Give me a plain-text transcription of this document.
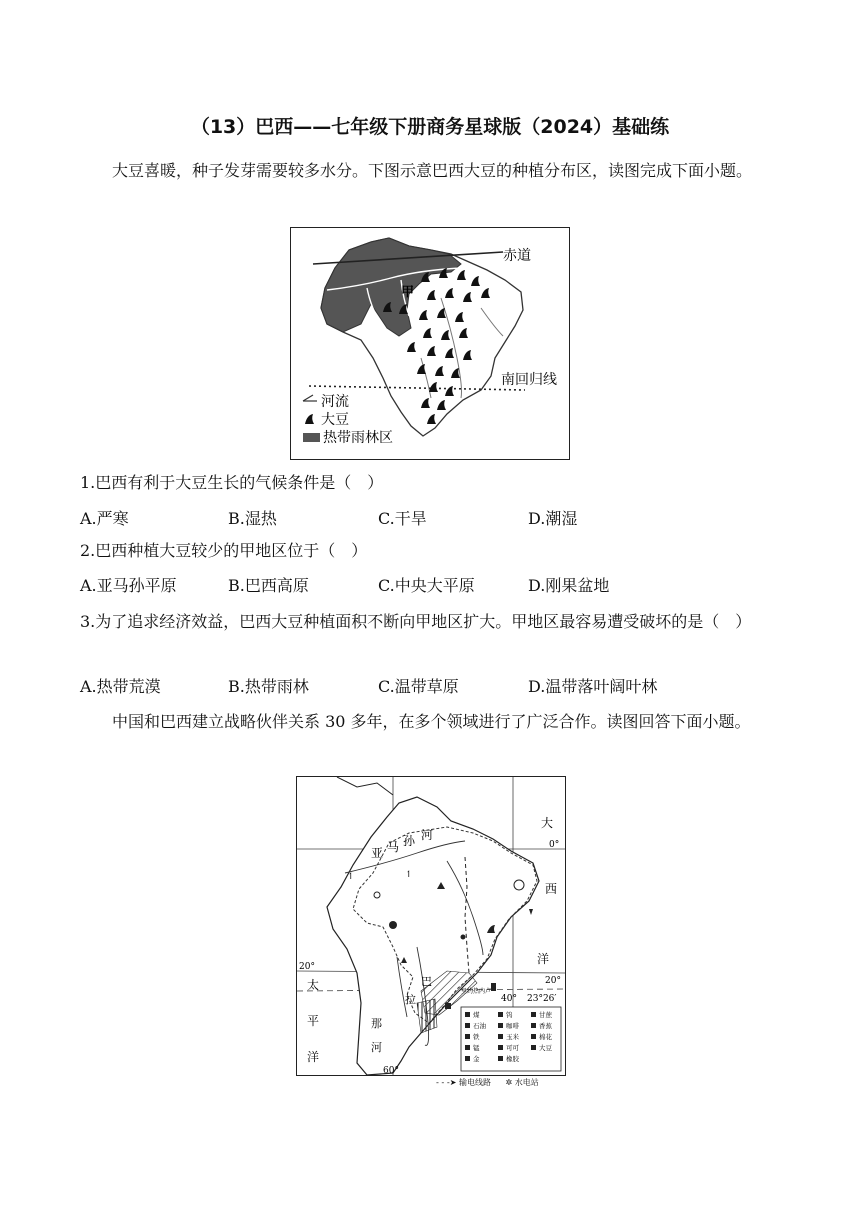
（13）巴西——七年级下册商务星球版（2024）基础练
大豆喜暖，种子发芽需要较多水分。下图示意巴西大豆的种植分布区，读图完成下面小题。
赤道
南回归线
甲
河流
大豆
热带雨林区
1.巴西有利于大豆生长的气候条件是（　）
A.严寒	B.湿热	C.干旱	D.潮湿
2.巴西种植大豆较少的甲地区位于（　）
A.亚马孙平原	B.巴西高原	C.中央大平原	D.刚果盆地
3.为了追求经济效益，巴西大豆种植面积不断向甲地区扩大。甲地区最容易遭受破坏的是（　）
A.热带荒漠	B.热带雨林	C.温带草原	D.温带落叶阔叶林
中国和巴西建立战略伙伴关系 30 多年，在多个领域进行了广泛合作。读图回答下面小题。
亚 马 孙 河
大
西
洋
太
平
洋
巴
拉
那
河
20°
20°
23°26′
0°
60°
40°
里约热内卢
↿	↿
煤
石油
铁
锰
金
钨
咖啡
玉米
可可
橡胶
甘蔗
香蕉
棉花
大豆
- - -➤ 输电线路 ✲ 水电站
